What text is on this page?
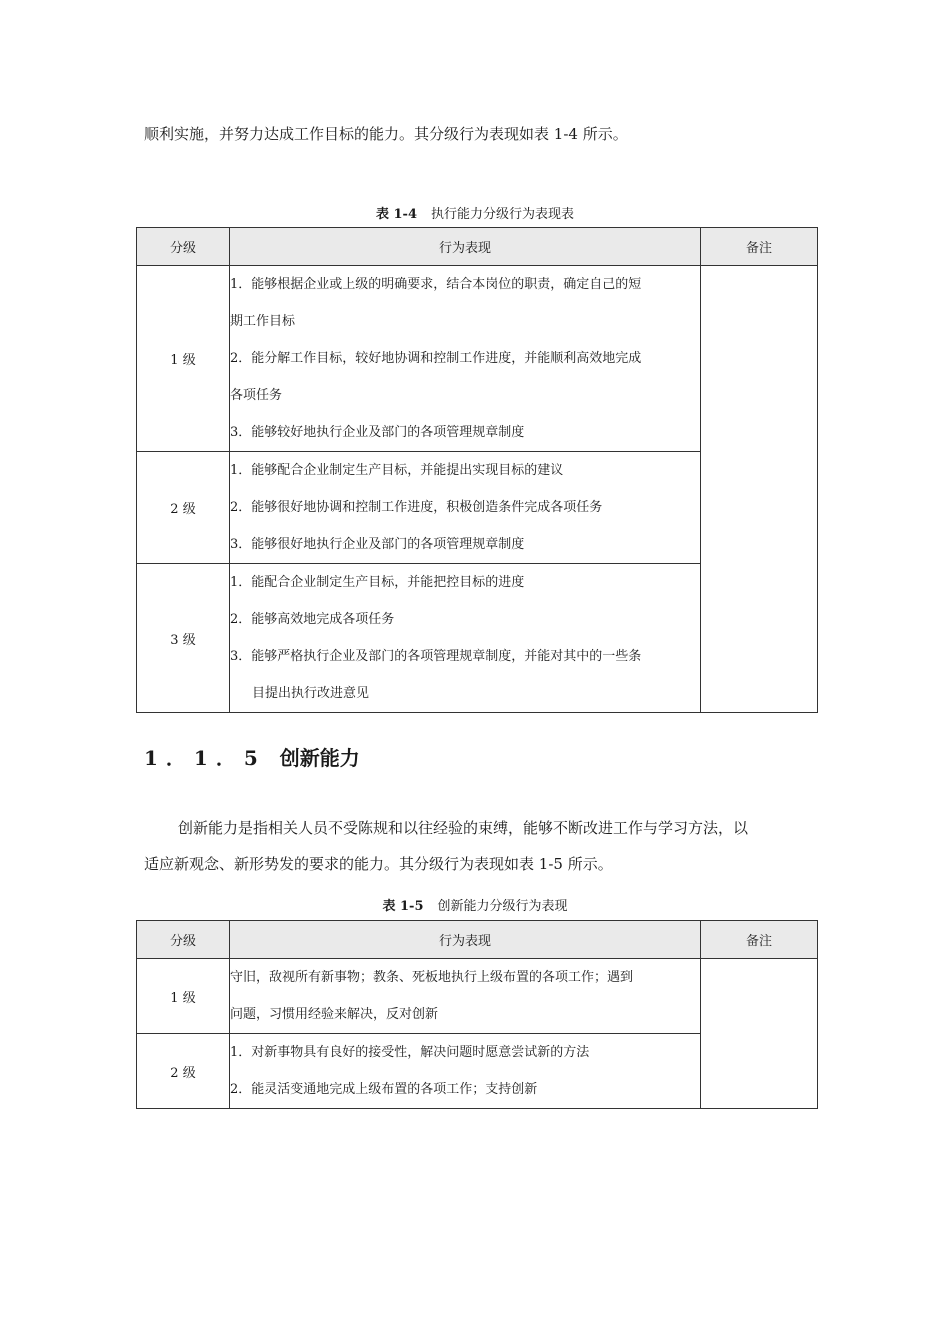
顺利实施，并努力达成工作目标的能力。其分级行为表现如表 1-4 所示。

表 1-4 执行能力分级行为表现表

分级	行为表现	备注
1 级	1．能够根据企业或上级的明确要求，结合本岗位的职责，确定自己的短
期工作目标
2．能分解工作目标，较好地协调和控制工作进度，并能顺利高效地完成
各项任务
3．能够较好地执行企业及部门的各项管理规章制度	

2 级	1．能够配合企业制定生产目标，并能提出实现目标的建议
2．能够很好地协调和控制工作进度，积极创造条件完成各项任务
3．能够很好地执行企业及部门的各项管理规章制度	

3 级	1．能配合企业制定生产目标，并能把控目标的进度
2．能够高效地完成各项任务
3．能够严格执行企业及部门的各项管理规章制度，并能对其中的一些条
目提出执行改进意见	
1．1．5 创新能力

创新能力是指相关人员不受陈规和以往经验的束缚，能够不断改进工作与学习方法，以

适应新观念、新形势发的要求的能力。其分级行为表现如表 1-5 所示。

表 1-5 创新能力分级行为表现

分级	行为表现	备注
1 级	守旧，敌视所有新事物；教条、死板地执行上级布置的各项工作；遇到
问题，习惯用经验来解决，反对创新	

2 级	1．对新事物具有良好的接受性，解决问题时愿意尝试新的方法
2．能灵活变通地完成上级布置的各项工作；支持创新	
